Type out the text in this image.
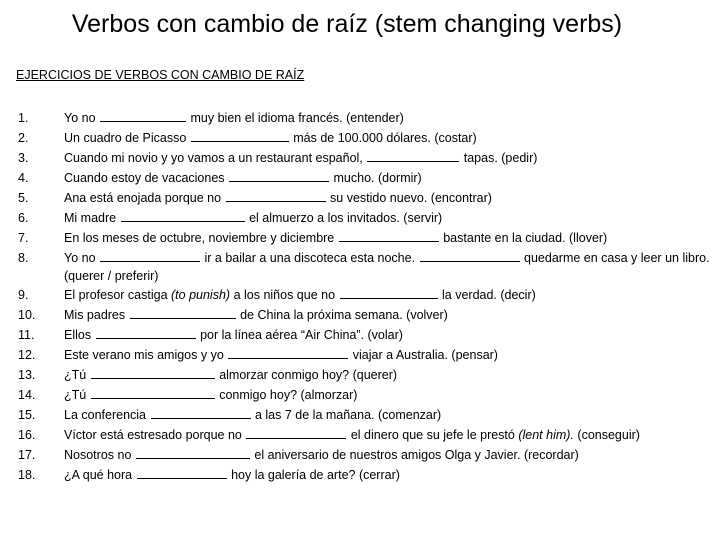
Verbos con cambio de raíz (stem changing verbs)
EJERCICIOS DE VERBOS CON CAMBIO DE RAÍZ
1.	Yo no	muy bien el idioma francés. (entender)
2.	Un cuadro de Picasso	más de 100.000 dólares. (costar)
3.	Cuando mi novio y yo vamos a un restaurant español,	tapas. (pedir)
4.	Cuando estoy de vacaciones	mucho. (dormir)
5.	Ana está enojada porque no	su vestido nuevo. (encontrar)
6.	Mi madre	el almuerzo a los invitados. (servir)
7.	En los meses de octubre, noviembre y diciembre	bastante en la ciudad. (llover)
8.	Yo no	ir a bailar a una discoteca esta noche.	quedarme en casa y leer un libro. (querer / preferir)
9.	El profesor castiga (to punish) a los niños que no	la verdad. (decir)
10.	Mis padres	de China la próxima semana. (volver)
11.	Ellos	por la línea aérea “Air China”. (volar)
12.	Este verano mis amigos y yo	viajar a Australia. (pensar)
13.	¿Tú	almorzar conmigo hoy? (querer)
14.	¿Tú	conmigo hoy? (almorzar)
15.	La conferencia	a las 7 de la mañana. (comenzar)
16.	Víctor está estresado porque no	el dinero que su jefe le prestó (lent him). (conseguir)
17.	Nosotros no	el aniversario de nuestros amigos Olga y Javier. (recordar)
18.	¿A qué hora	hoy la galería de arte? (cerrar)
